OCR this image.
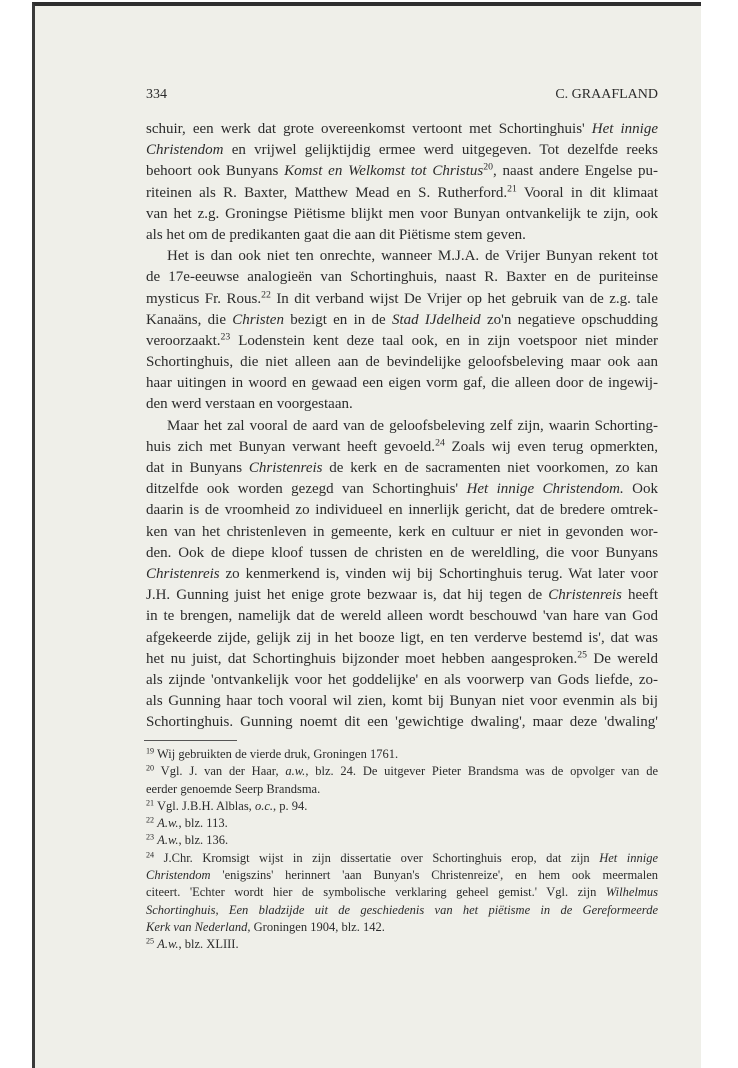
334	C. GRAAFLAND
schuir, een werk dat grote overeenkomst vertoont met Schortinghuis' Het innige
Christendom en vrijwel gelijktijdig ermee werd uitgegeven. Tot dezelfde reeks
behoort ook Bunyans Komst en Welkomst tot Christus$^{20}$, naast andere Engelse pu-
riteinen als R. Baxter, Matthew Mead en S. Rutherford.$^{21}$ Vooral in dit klimaat
van het z.g. Groningse Piëtisme blijkt men voor Bunyan ontvankelijk te zijn, ook
als het om de predikanten gaat die aan dit Piëtisme stem geven.
Het is dan ook niet ten onrechte, wanneer M.J.A. de Vrijer Bunyan rekent tot
de 17e-eeuwse analogieën van Schortinghuis, naast R. Baxter en de puriteinse
mysticus Fr. Rous.$^{22}$ In dit verband wijst De Vrijer op het gebruik van de z.g. tale
Kanaäns, die Christen bezigt en in de Stad IJdelheid zo'n negatieve opschudding
veroorzaakt.$^{23}$ Lodenstein kent deze taal ook, en in zijn voetspoor niet minder
Schortinghuis, die niet alleen aan de bevindelijke geloofsbeleving maar ook aan
haar uitingen in woord en gewaad een eigen vorm gaf, die alleen door de ingewij-
den werd verstaan en voorgestaan.
Maar het zal vooral de aard van de geloofsbeleving zelf zijn, waarin Schorting-
huis zich met Bunyan verwant heeft gevoeld.$^{24}$ Zoals wij even terug opmerkten,
dat in Bunyans Christenreis de kerk en de sacramenten niet voorkomen, zo kan
ditzelfde ook worden gezegd van Schortinghuis' Het innige Christendom. Ook
daarin is de vroomheid zo individueel en innerlijk gericht, dat de bredere omtrek-
ken van het christenleven in gemeente, kerk en cultuur er niet in gevonden wor-
den. Ook de diepe kloof tussen de christen en de wereldling, die voor Bunyans
Christenreis zo kenmerkend is, vinden wij bij Schortinghuis terug. Wat later voor
J.H. Gunning juist het enige grote bezwaar is, dat hij tegen de Christenreis heeft
in te brengen, namelijk dat de wereld alleen wordt beschouwd 'van hare van God
afgekeerde zijde, gelijk zij in het booze ligt, en ten verderve bestemd is', dat was
het nu juist, dat Schortinghuis bijzonder moet hebben aangesproken.$^{25}$ De wereld
als zijnde 'ontvankelijk voor het goddelijke' en als voorwerp van Gods liefde, zo-
als Gunning haar toch vooral wil zien, komt bij Bunyan niet voor evenmin als bij
Schortinghuis. Gunning noemt dit een 'gewichtige dwaling', maar deze 'dwaling'
$^{19}$ Wij gebruikten de vierde druk, Groningen 1761.
$^{20}$ Vgl. J. van der Haar, a.w., blz. 24. De uitgever Pieter Brandsma was de opvolger van de
eerder genoemde Seerp Brandsma.
$^{21}$ Vgl. J.B.H. Alblas, o.c., p. 94.
$^{22}$ A.w., blz. 113.
$^{23}$ A.w., blz. 136.
$^{24}$ J.Chr. Kromsigt wijst in zijn dissertatie over Schortinghuis erop, dat zijn Het innige
Christendom 'enigszins' herinnert 'aan Bunyan's Christenreize', en hem ook meermalen
citeert. 'Echter wordt hier de symbolische verklaring geheel gemist.' Vgl. zijn Wilhelmus
Schortinghuis, Een bladzijde uit de geschiedenis van het piëtisme in de Gereformeerde
Kerk van Nederland, Groningen 1904, blz. 142.
$^{25}$ A.w., blz. XLIII.
